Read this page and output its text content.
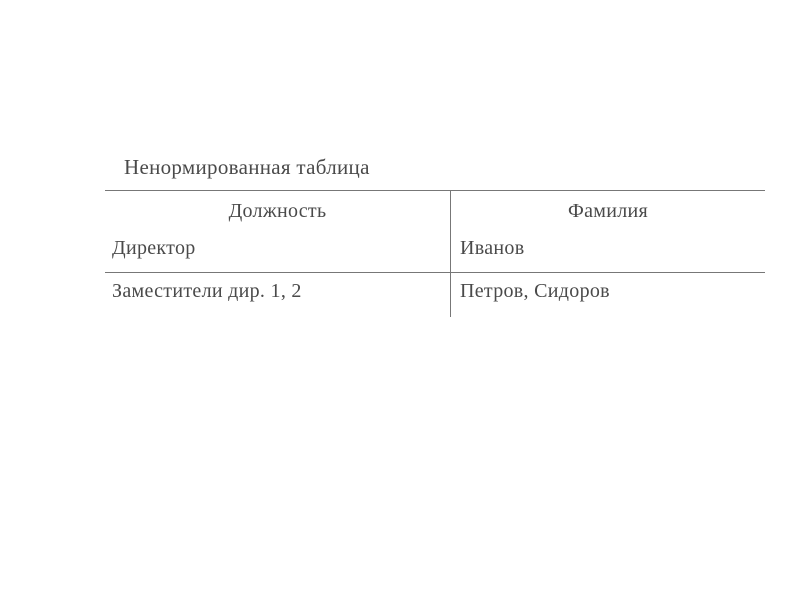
Ненормированная таблица
Должность	Фамилия
Директор	Иванов
Заместители дир. 1, 2	Петров, Сидоров
